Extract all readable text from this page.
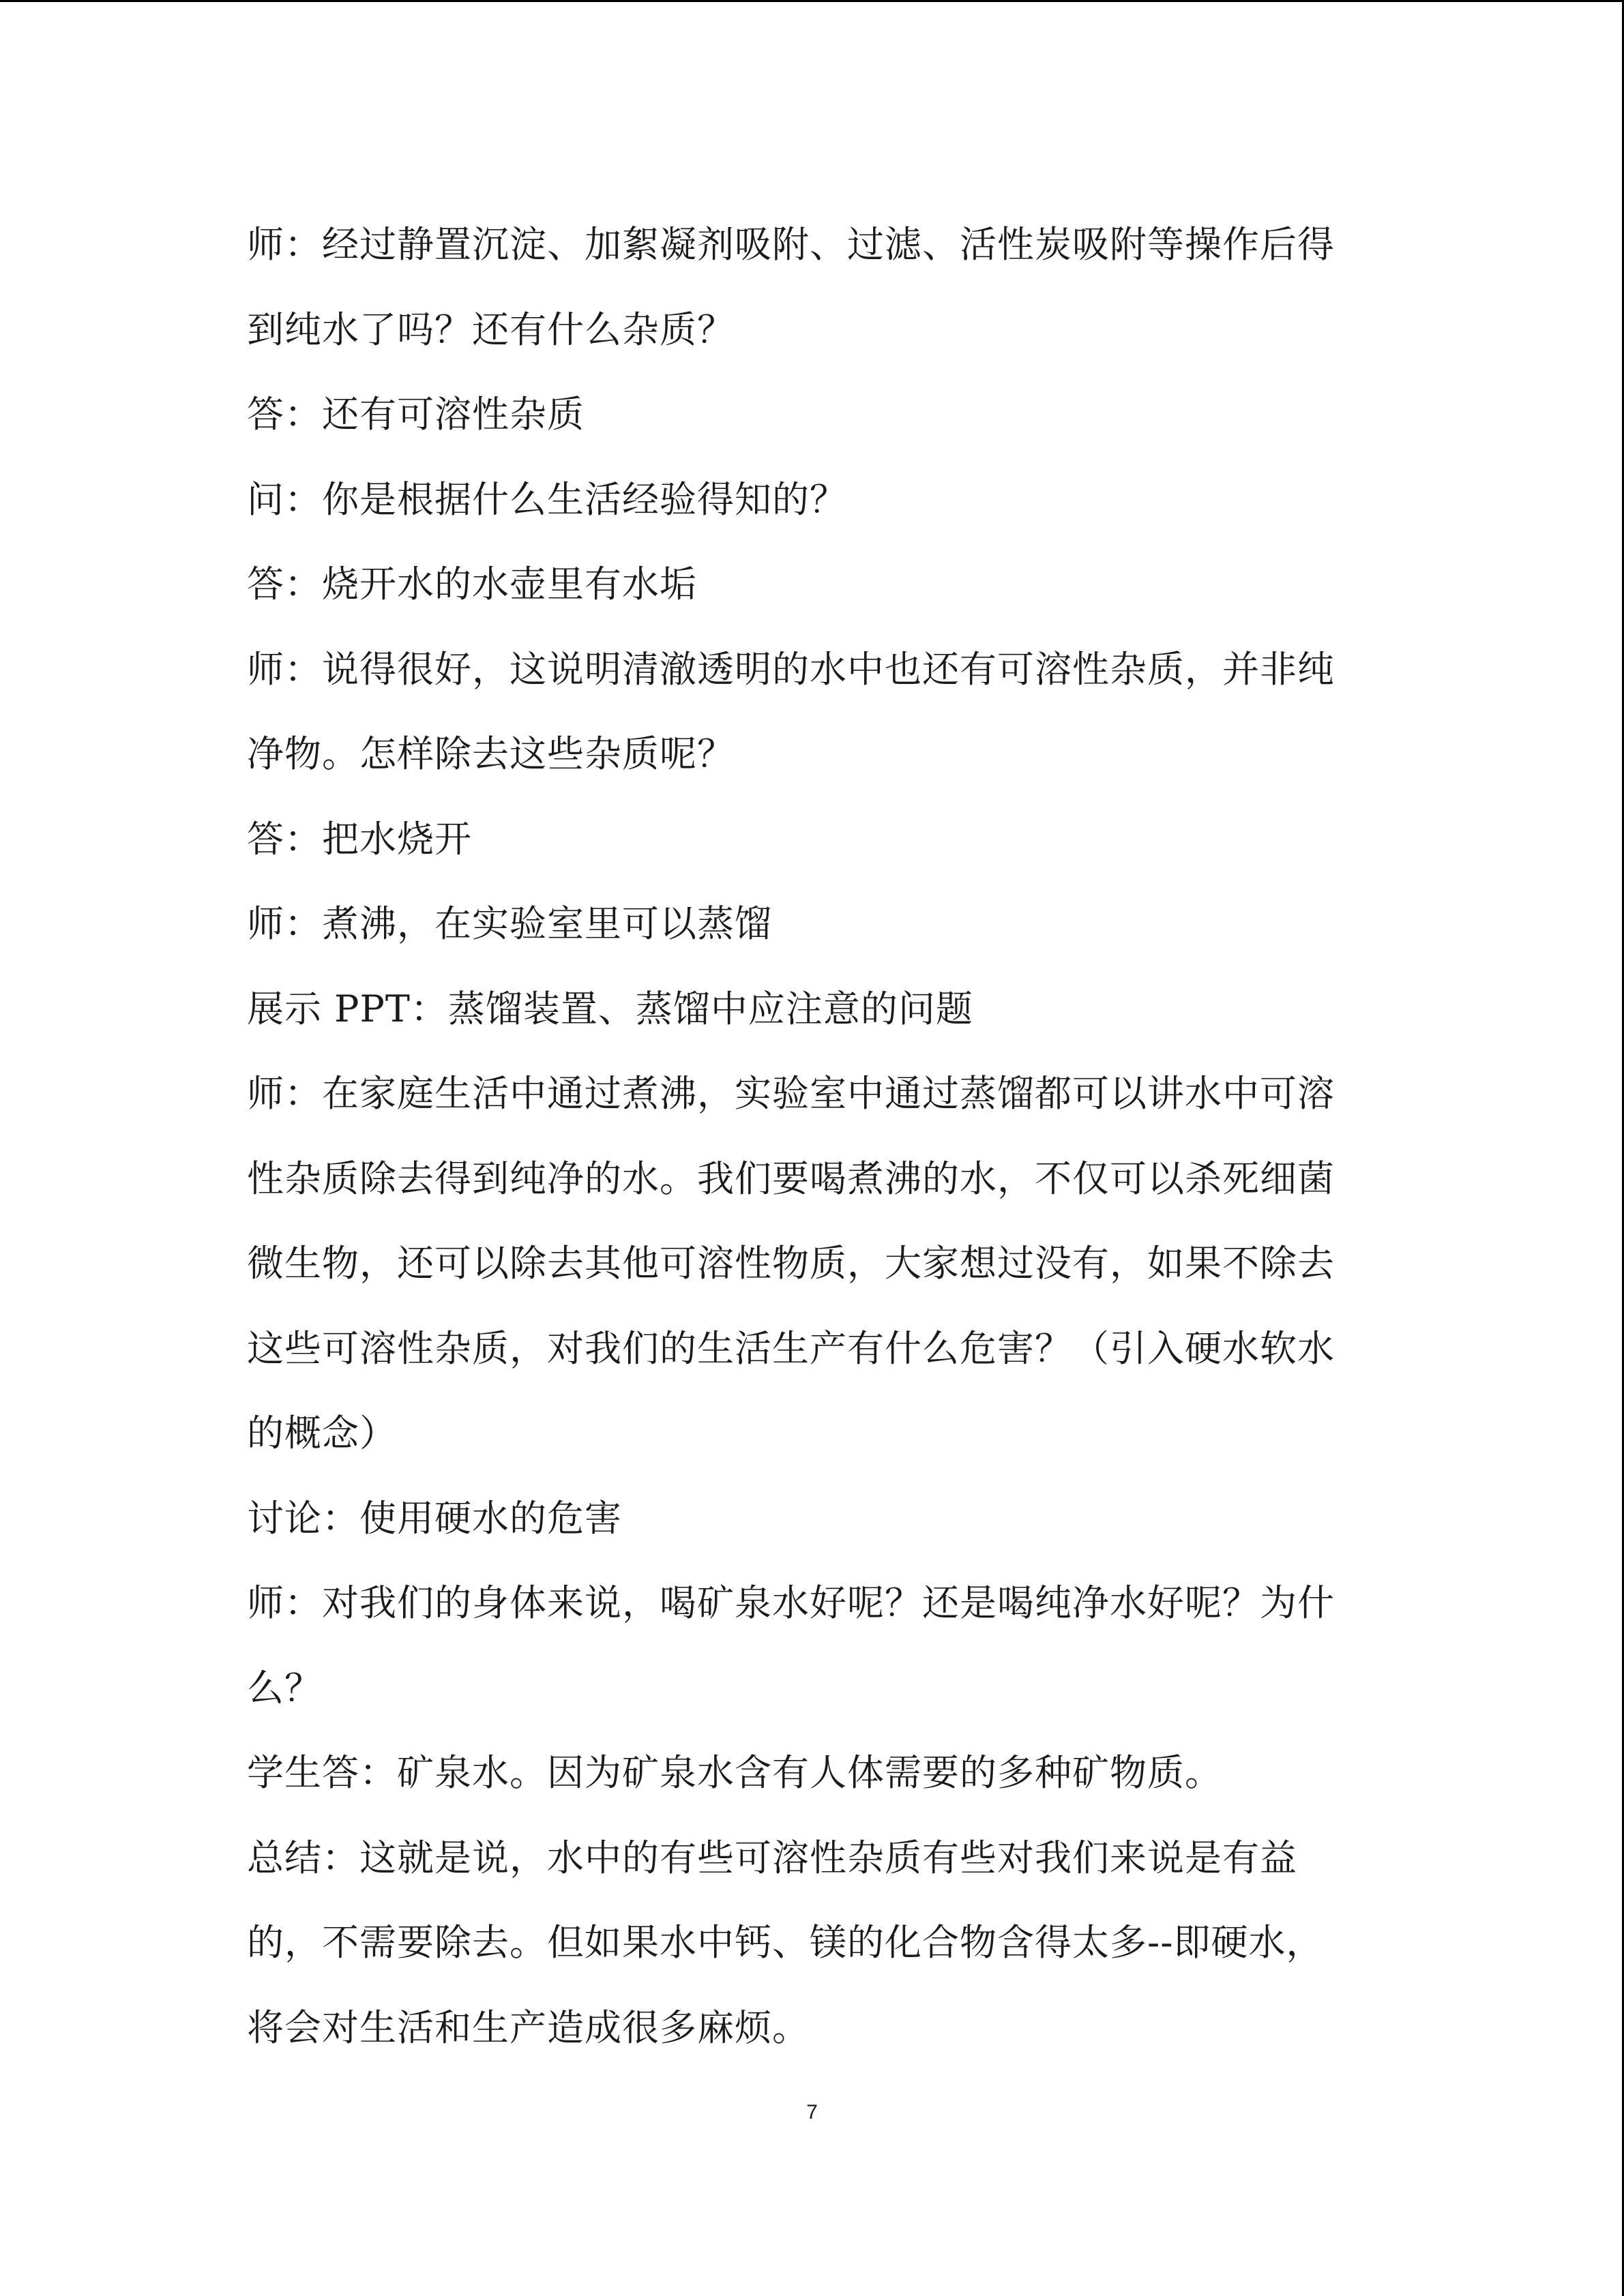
师：经过静置沉淀、加絮凝剂吸附、过滤、活性炭吸附等操作后得
到纯水了吗？还有什么杂质？
答：还有可溶性杂质
问：你是根据什么生活经验得知的？
答：烧开水的水壶里有水垢
师：说得很好，这说明清澈透明的水中也还有可溶性杂质，并非纯
净物。怎样除去这些杂质呢？
答：把水烧开
师：煮沸，在实验室里可以蒸馏
展示 PPT：蒸馏装置、蒸馏中应注意的问题
师：在家庭生活中通过煮沸，实验室中通过蒸馏都可以讲水中可溶
性杂质除去得到纯净的水。我们要喝煮沸的水，不仅可以杀死细菌
微生物，还可以除去其他可溶性物质，大家想过没有，如果不除去
这些可溶性杂质，对我们的生活生产有什么危害？（引入硬水软水
的概念）
讨论：使用硬水的危害
师：对我们的身体来说，喝矿泉水好呢？还是喝纯净水好呢？为什
么？
学生答：矿泉水。因为矿泉水含有人体需要的多种矿物质。
总结：这就是说，水中的有些可溶性杂质有些对我们来说是有益
的，不需要除去。但如果水中钙、镁的化合物含得太多--即硬水，
将会对生活和生产造成很多麻烦。
7
